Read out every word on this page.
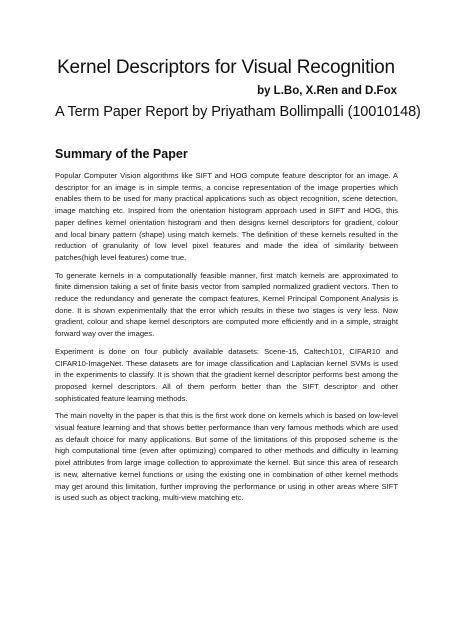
Kernel Descriptors for Visual Recognition
by L.Bo, X.Ren and D.Fox
A Term Paper Report by Priyatham Bollimpalli (10010148)
Summary of the Paper

Popular Computer Vision algorithms like SIFT and HOG compute feature descriptor for an image. A descriptor for an image is in simple terms, a concise representation of the image properties which enables them to be used for many practical applications such as object recognition, scene detection, image matching etc. Inspired from the orientation histogram approach used in SIFT and HOG, this paper defines kernel orientation histogram and then designs kernel descriptors for gradient, colour and local binary pattern (shape) using match kernels. The definition of these kernels resulted in the reduction of granularity of low level pixel features and made the idea of similarity between patches(high level features) come true.

To generate kernels in a computationally feasible manner, first match kernels are approximated to finite dimension taking a set of finite basis vector from sampled normalized gradient vectors. Then to reduce the redundancy and generate the compact features, Kernel Principal Component Analysis is done. It is shown experimentally that the error which results in these two stages is very less. Now gradient, colour and shape kernel descriptors are computed more efficiently and in a simple, straight forward way over the images.

Experiment is done on four publicly available datasets: Scene-15, Caltech101, CIFAR10 and CIFAR10-ImageNet. These datasets are for image classification and Laplacian kernel SVMs is used in the experiments to classify. It is shown that the gradient kernel descriptor performs best among the proposed kernel descriptors. All of them perform better than the SIFT descriptor and other sophisticated feature learning methods.

The main novelty in the paper is that this is the first work done on kernels which is based on low-level visual feature learning and that shows better performance than very famous methods which are used as default choice for many applications. But some of the limitations of this proposed scheme is the high computational time (even after optimizing) compared to other methods and difficulty in learning pixel attributes from large image collection to approximate the kernel. But since this area of research is new, alternative kernel functions or using the existing one in combination of other kernel methods may get around this limitation, further improving the performance or using in other areas where SIFT is used such as object tracking, multi-view matching etc.
